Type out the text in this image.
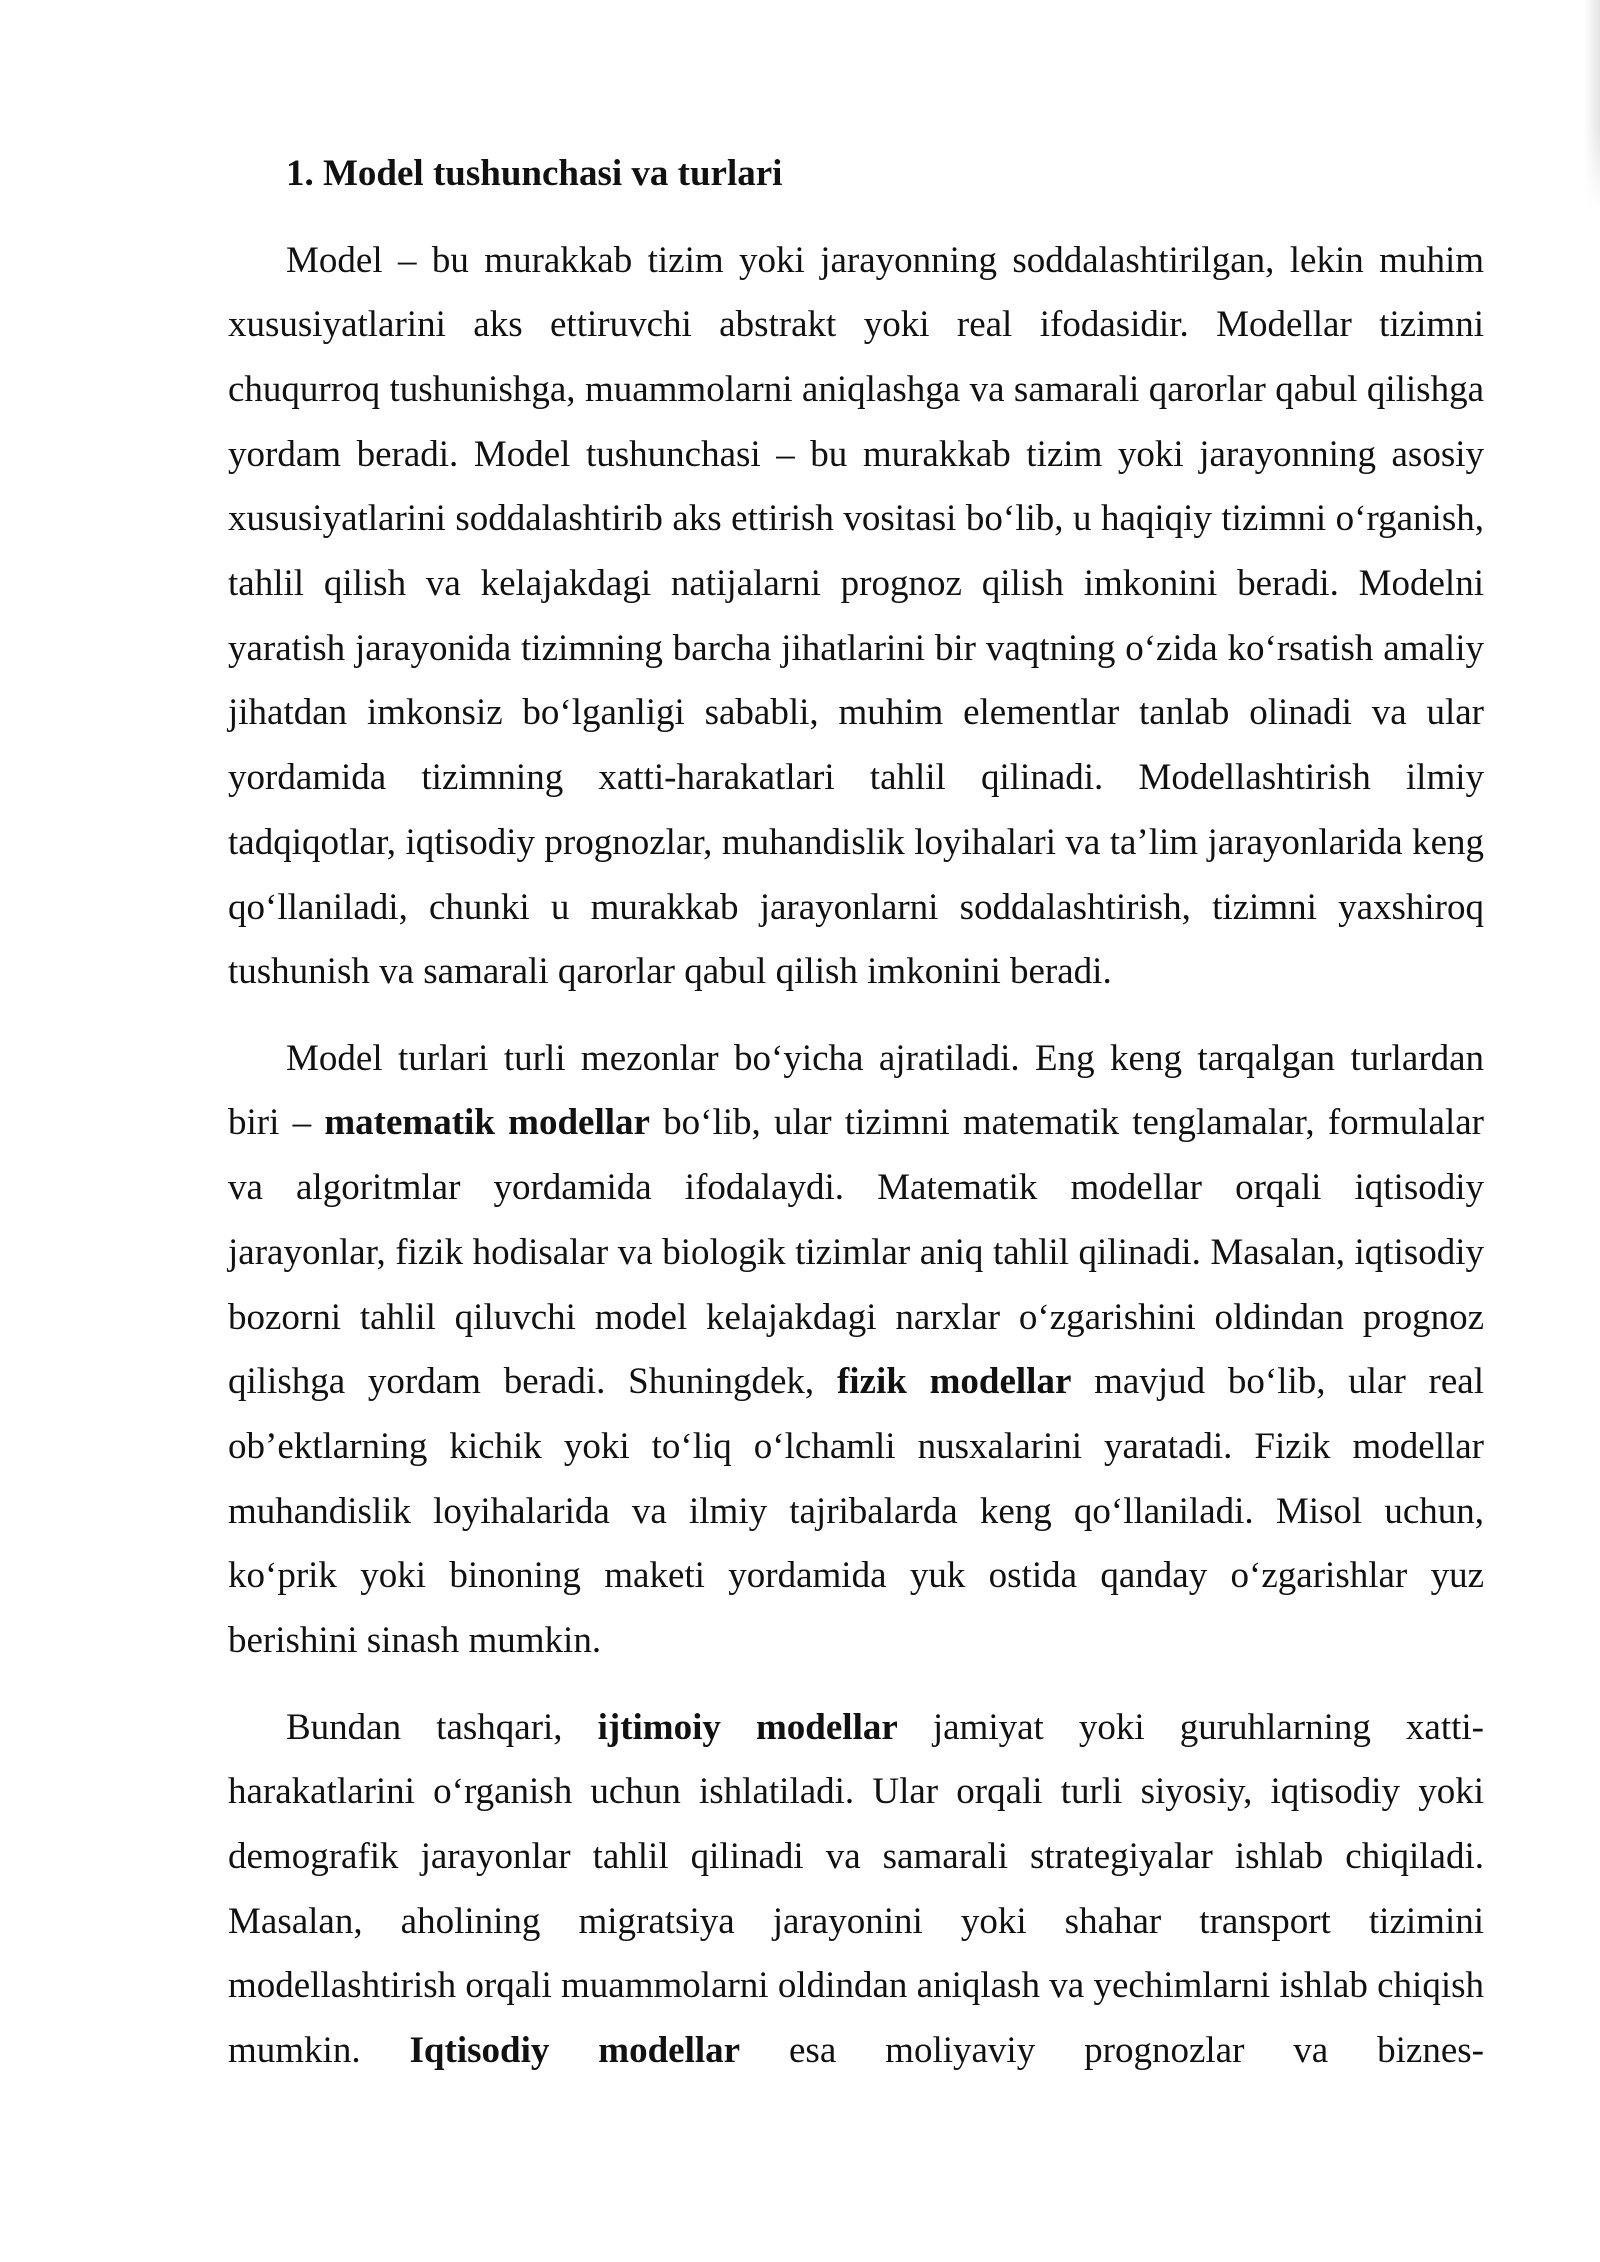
1. Model tushunchasi va turlari

Model – bu murakkab tizim yoki jarayonning soddalashtirilgan, lekin muhim xususiyatlarini aks ettiruvchi abstrakt yoki real ifodasidir. Modellar tizimni chuqurroq tushunishga, muammolarni aniqlashga va samarali qarorlar qabul qilishga yordam beradi. Model tushunchasi – bu murakkab tizim yoki jarayonning asosiy xususiyatlarini soddalashtirib aks ettirish vositasi bo‘lib, u haqiqiy tizimni o‘rganish, tahlil qilish va kelajakdagi natijalarni prognoz qilish imkonini beradi. Modelni yaratish jarayonida tizimning barcha jihatlarini bir vaqtning o‘zida ko‘rsatish amaliy jihatdan imkonsiz bo‘lganligi sababli, muhim elementlar tanlab olinadi va ular yordamida tizimning xatti-harakatlari tahlil qilinadi. Modellashtirish ilmiy tadqiqotlar, iqtisodiy prognozlar, muhandislik loyihalari va ta’lim jarayonlarida keng qo‘llaniladi, chunki u murakkab jarayonlarni soddalashtirish, tizimni yaxshiroq tushunish va samarali qarorlar qabul qilish imkonini beradi.

Model turlari turli mezonlar bo‘yicha ajratiladi. Eng keng tarqalgan turlardan biri – matematik modellar bo‘lib, ular tizimni matematik tenglamalar, formulalar va algoritmlar yordamida ifodalaydi. Matematik modellar orqali iqtisodiy jarayonlar, fizik hodisalar va biologik tizimlar aniq tahlil qilinadi. Masalan, iqtisodiy bozorni tahlil qiluvchi model kelajakdagi narxlar o‘zgarishini oldindan prognoz qilishga yordam beradi. Shuningdek, fizik modellar mavjud bo‘lib, ular real ob’ektlarning kichik yoki to‘liq o‘lchamli nusxalarini yaratadi. Fizik modellar muhandislik loyihalarida va ilmiy tajribalarda keng qo‘llaniladi. Misol uchun, ko‘prik yoki binoning maketi yordamida yuk ostida qanday o‘zgarishlar yuz berishini sinash mumkin.

Bundan tashqari, ijtimoiy modellar jamiyat yoki guruhlarning xatti-harakatlarini o‘rganish uchun ishlatiladi. Ular orqali turli siyosiy, iqtisodiy yoki demografik jarayonlar tahlil qilinadi va samarali strategiyalar ishlab chiqiladi. Masalan, aholining migratsiya jarayonini yoki shahar transport tizimini modellashtirish orqali muammolarni oldindan aniqlash va yechimlarni ishlab chiqish mumkin. Iqtisodiy modellar esa moliyaviy prognozlar va biznes-
